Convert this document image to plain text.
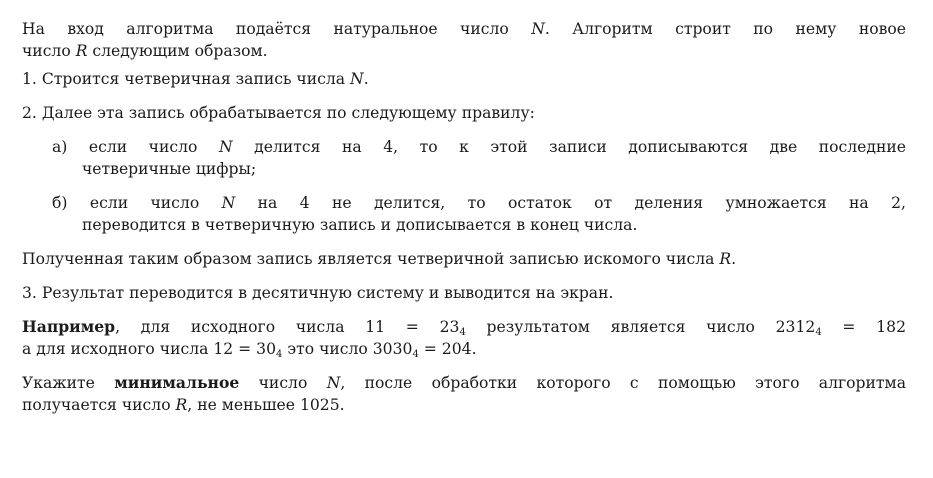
На вход алгоритма подаётся натуральное число N. Алгоритм строит по нему новое
число R следующим образом.
1. Строится четверичная запись числа N.
2. Далее эта запись обрабатывается по следующему правилу:
а) если число N делится на 4, то к этой записи дописываются две последние
четверичные цифры;
б) если число N на 4 не делится, то остаток от деления умножается на 2,
переводится в четверичную запись и дописывается в конец числа.
Полученная таким образом запись является четверичной записью искомого числа R.
3. Результат переводится в десятичную систему и выводится на экран.
Например, для исходного числа $11 = 23_4$ результатом является число $2312_4 = 182$
а для исходного числа $12 = 30_4$ это число $3030_4 = 204$.
Укажите минимальное число N, после обработки которого с помощью этого алгоритма
получается число R, не меньшее 1025.
